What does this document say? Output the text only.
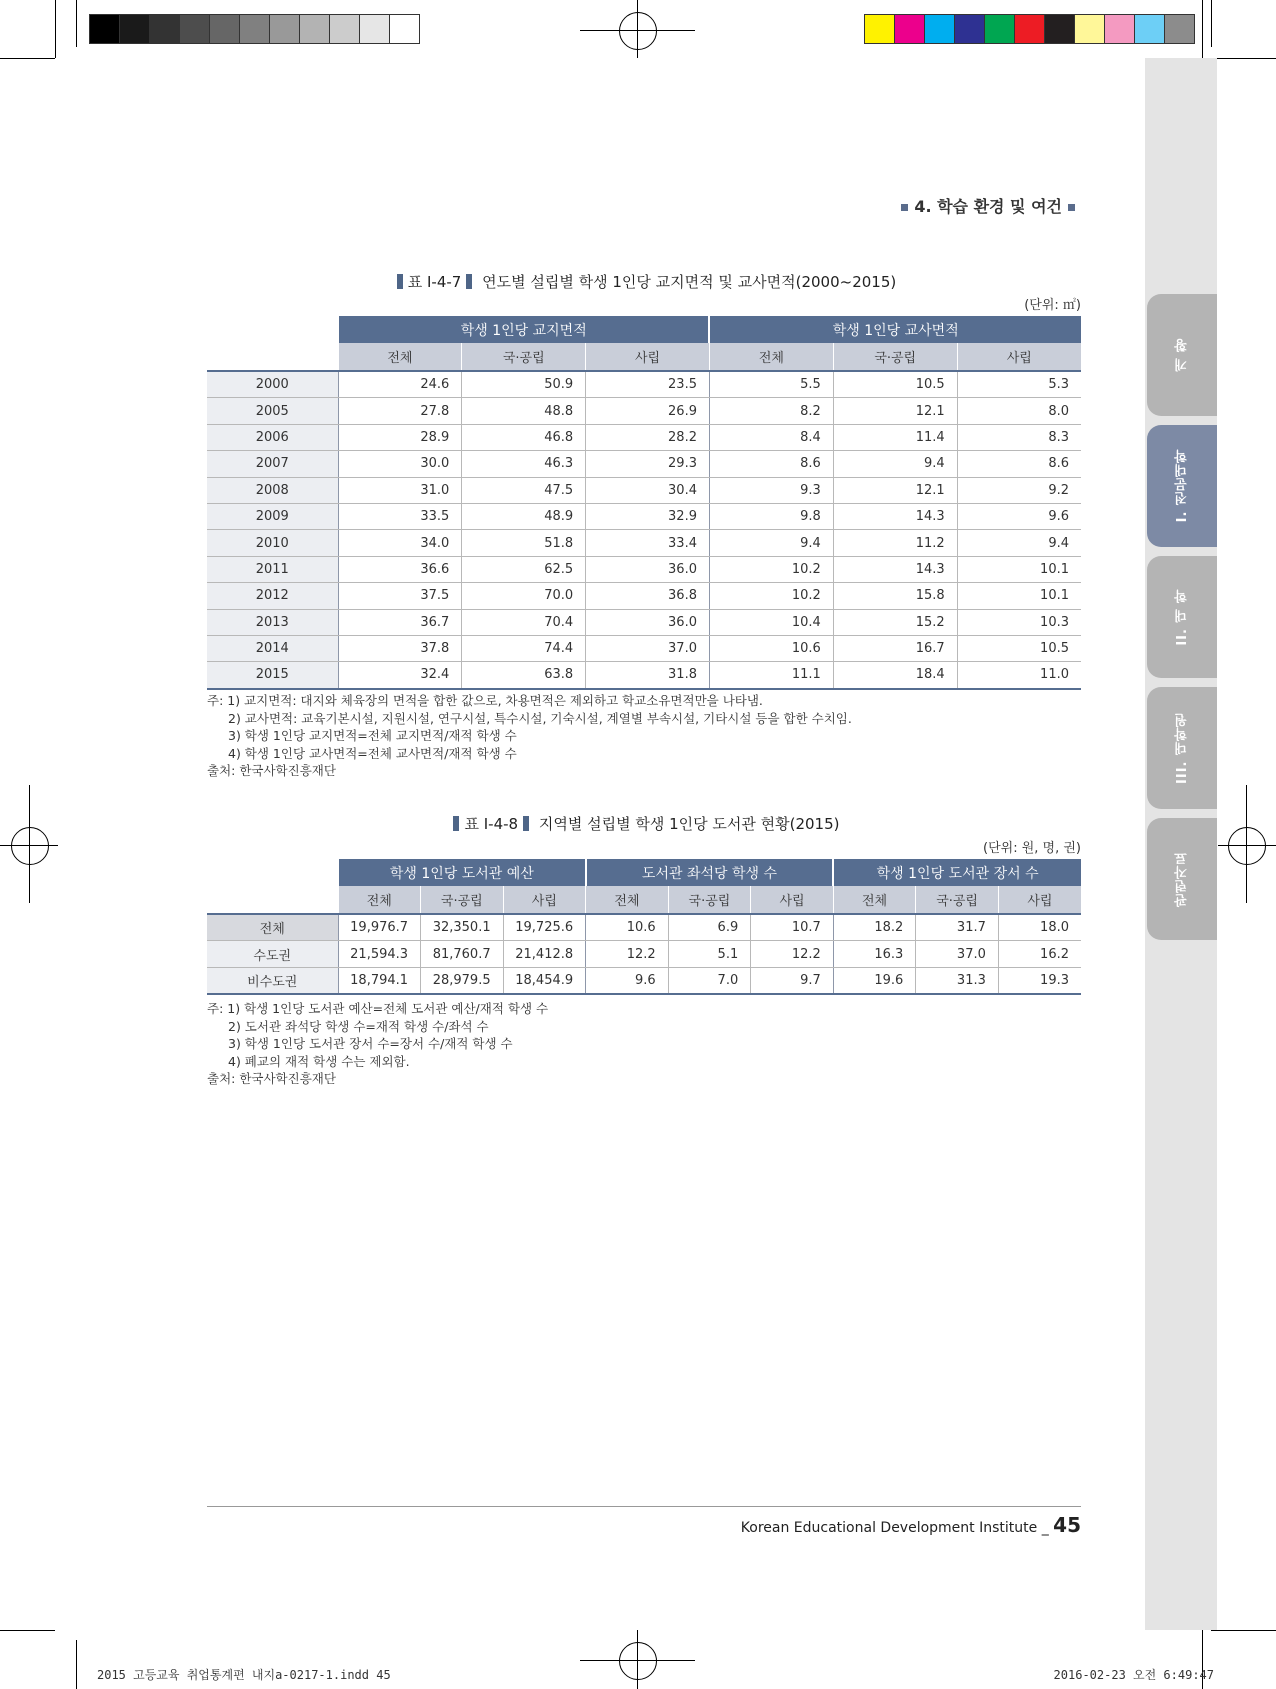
개 황
I. 전문대학
II. 대 학
III. 대학원
관련자료
4. 학습 환경 및 여건
표 Ⅰ-4-7 연도별 설립별 학생 1인당 교지면적 및 교사면적(2000~2015)
(단위: ㎡)
	학생 1인당 교지면적			학생 1인당 교사면적		
	전체	국·공립	사립	전체	국·공립	사립
2000	24.6	50.9	23.5	5.5	10.5	5.3
2005	27.8	48.8	26.9	8.2	12.1	8.0
2006	28.9	46.8	28.2	8.4	11.4	8.3
2007	30.0	46.3	29.3	8.6	9.4	8.6
2008	31.0	47.5	30.4	9.3	12.1	9.2
2009	33.5	48.9	32.9	9.8	14.3	9.6
2010	34.0	51.8	33.4	9.4	11.2	9.4
2011	36.6	62.5	36.0	10.2	14.3	10.1
2012	37.5	70.0	36.8	10.2	15.8	10.1
2013	36.7	70.4	36.0	10.4	15.2	10.3
2014	37.8	74.4	37.0	10.6	16.7	10.5
2015	32.4	63.8	31.8	11.1	18.4	11.0
주: 1) 교지면적: 대지와 체육장의 면적을 합한 값으로, 차용면적은 제외하고 학교소유면적만을 나타냄.
2) 교사면적: 교육기본시설, 지원시설, 연구시설, 특수시설, 기숙시설, 계열별 부속시설, 기타시설 등을 합한 수치임.
3) 학생 1인당 교지면적=전체 교지면적/재적 학생 수
4) 학생 1인당 교사면적=전체 교사면적/재적 학생 수
출처: 한국사학진흥재단
표 Ⅰ-4-8 지역별 설립별 학생 1인당 도서관 현황(2015)
(단위: 원, 명, 권)
	학생 1인당 도서관 예산			도서관 좌석당 학생 수			학생 1인당 도서관 장서 수		
	전체	국·공립	사립	전체	국·공립	사립	전체	국·공립	사립
전체	19,976.7	32,350.1	19,725.6	10.6	6.9	10.7	18.2	31.7	18.0
수도권	21,594.3	81,760.7	21,412.8	12.2	5.1	12.2	16.3	37.0	16.2
비수도권	18,794.1	28,979.5	18,454.9	9.6	7.0	9.7	19.6	31.3	19.3
주: 1) 학생 1인당 도서관 예산=전체 도서관 예산/재적 학생 수
2) 도서관 좌석당 학생 수=재적 학생 수/좌석 수
3) 학생 1인당 도서관 장서 수=장서 수/재적 학생 수
4) 폐교의 재적 학생 수는 제외함.
출처: 한국사학진흥재단
Korean Educational Development Institute _ 45
2015 고등교육 취업통계편 내지a-0217-1.indd 45	2016-02-23 오전 6:49:47
